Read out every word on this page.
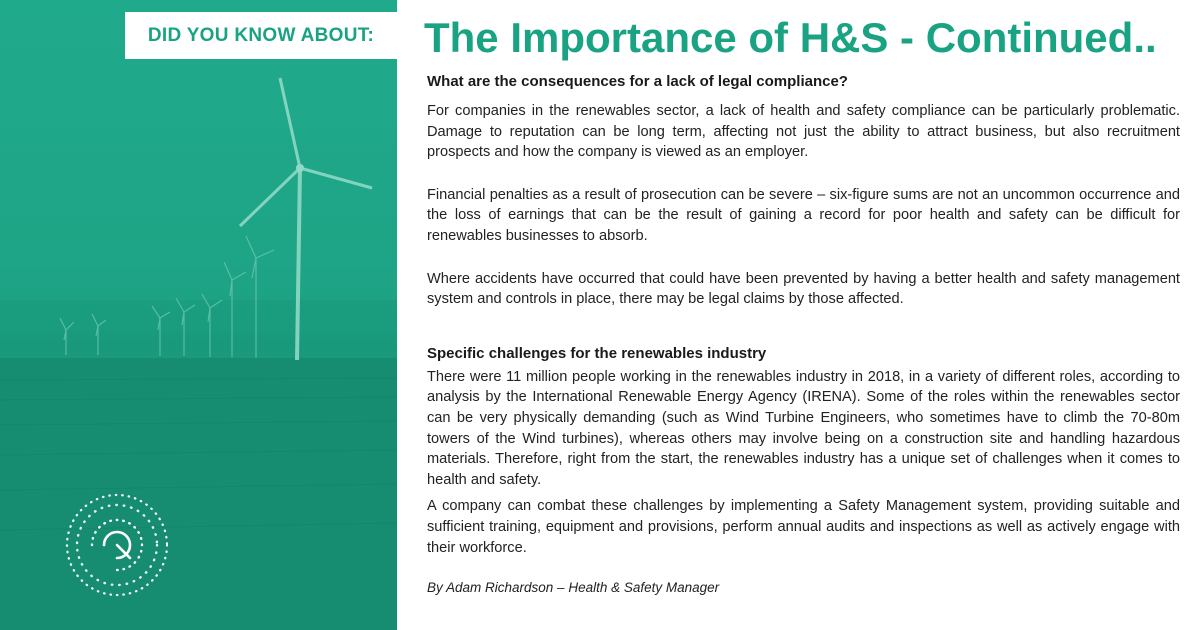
DID YOU KNOW ABOUT: The Importance of H&S - Continued..
What are the consequences for a lack of legal compliance?

For companies in the renewables sector, a lack of health and safety compliance can be particularly problematic. Damage to reputation can be long term, affecting not just the ability to attract business, but also recruitment prospects and how the company is viewed as an employer.

Financial penalties as a result of prosecution can be severe – six-figure sums are not an uncommon occurrence and the loss of earnings that can be the result of gaining a record for poor health and safety can be difficult for renewables businesses to absorb.

Where accidents have occurred that could have been prevented by having a better health and safety management system and controls in place, there may be legal claims by those affected.

Specific challenges for the renewables industry

There were 11 million people working in the renewables industry in 2018, in a variety of different roles, according to analysis by the International Renewable Energy Agency (IRENA). Some of the roles within the renewables sector can be very physically demanding (such as Wind Turbine Engineers, who sometimes have to climb the 70-80m towers of the Wind turbines), whereas others may involve being on a construction site and handling hazardous materials. Therefore, right from the start, the renewables industry has a unique set of challenges when it comes to health and safety.

A company can combat these challenges by implementing a Safety Management system, providing suitable and sufficient training, equipment and provisions, perform annual audits and inspections as well as actively engage with their workforce.

By Adam Richardson – Health & Safety Manager
